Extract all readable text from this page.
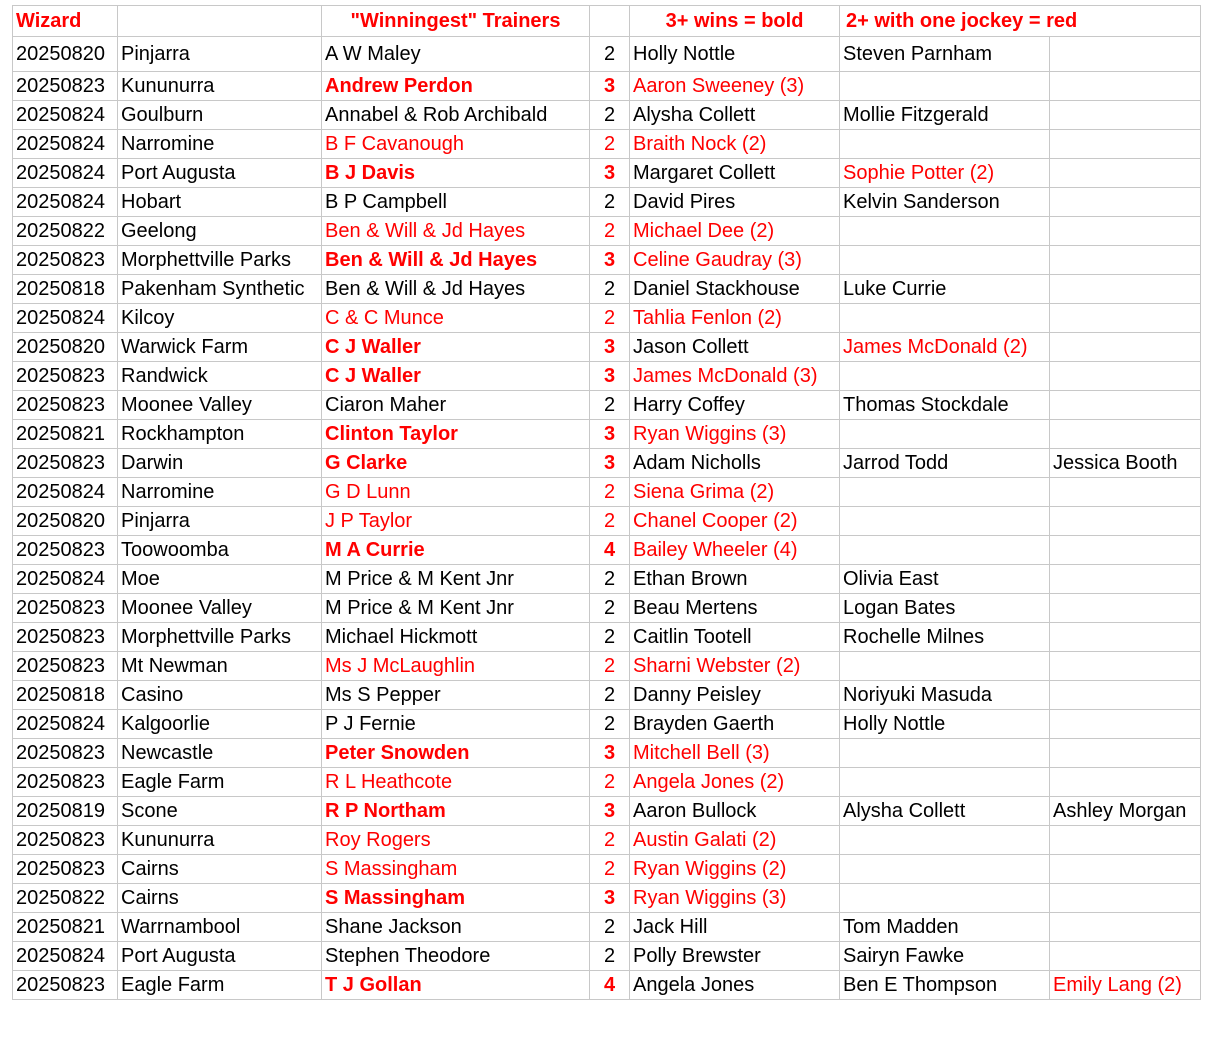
Wizard		"Winningest" Trainers		3+ wins = bold	2+ with one jockey = red	
20250820	Pinjarra	A W Maley	2	Holly Nottle	Steven Parnham	
20250823	Kununurra	Andrew Perdon	3	Aaron Sweeney (3)		
20250824	Goulburn	Annabel & Rob Archibald	2	Alysha Collett	Mollie Fitzgerald	
20250824	Narromine	B F Cavanough	2	Braith Nock (2)		
20250824	Port Augusta	B J Davis	3	Margaret Collett	Sophie Potter (2)	
20250824	Hobart	B P Campbell	2	David Pires	Kelvin Sanderson	
20250822	Geelong	Ben & Will & Jd Hayes	2	Michael Dee (2)		
20250823	Morphettville Parks	Ben & Will & Jd Hayes	3	Celine Gaudray (3)		
20250818	Pakenham Synthetic	Ben & Will & Jd Hayes	2	Daniel Stackhouse	Luke Currie	
20250824	Kilcoy	C & C Munce	2	Tahlia Fenlon (2)		
20250820	Warwick Farm	C J Waller	3	Jason Collett	James McDonald (2)	
20250823	Randwick	C J Waller	3	James McDonald (3)		
20250823	Moonee Valley	Ciaron Maher	2	Harry Coffey	Thomas Stockdale	
20250821	Rockhampton	Clinton Taylor	3	Ryan Wiggins (3)		
20250823	Darwin	G Clarke	3	Adam Nicholls	Jarrod Todd	Jessica Booth
20250824	Narromine	G D Lunn	2	Siena Grima (2)		
20250820	Pinjarra	J P Taylor	2	Chanel Cooper (2)		
20250823	Toowoomba	M A Currie	4	Bailey Wheeler (4)		
20250824	Moe	M Price & M Kent Jnr	2	Ethan Brown	Olivia East	
20250823	Moonee Valley	M Price & M Kent Jnr	2	Beau Mertens	Logan Bates	
20250823	Morphettville Parks	Michael Hickmott	2	Caitlin Tootell	Rochelle Milnes	
20250823	Mt Newman	Ms J McLaughlin	2	Sharni Webster (2)		
20250818	Casino	Ms S Pepper	2	Danny Peisley	Noriyuki Masuda	
20250824	Kalgoorlie	P J Fernie	2	Brayden Gaerth	Holly Nottle	
20250823	Newcastle	Peter Snowden	3	Mitchell Bell (3)		
20250823	Eagle Farm	R L Heathcote	2	Angela Jones (2)		
20250819	Scone	R P Northam	3	Aaron Bullock	Alysha Collett	Ashley Morgan
20250823	Kununurra	Roy Rogers	2	Austin Galati (2)		
20250823	Cairns	S Massingham	2	Ryan Wiggins (2)		
20250822	Cairns	S Massingham	3	Ryan Wiggins (3)		
20250821	Warrnambool	Shane Jackson	2	Jack Hill	Tom Madden	
20250824	Port Augusta	Stephen Theodore	2	Polly Brewster	Sairyn Fawke	
20250823	Eagle Farm	T J Gollan	4	Angela Jones	Ben E Thompson	Emily Lang (2)
